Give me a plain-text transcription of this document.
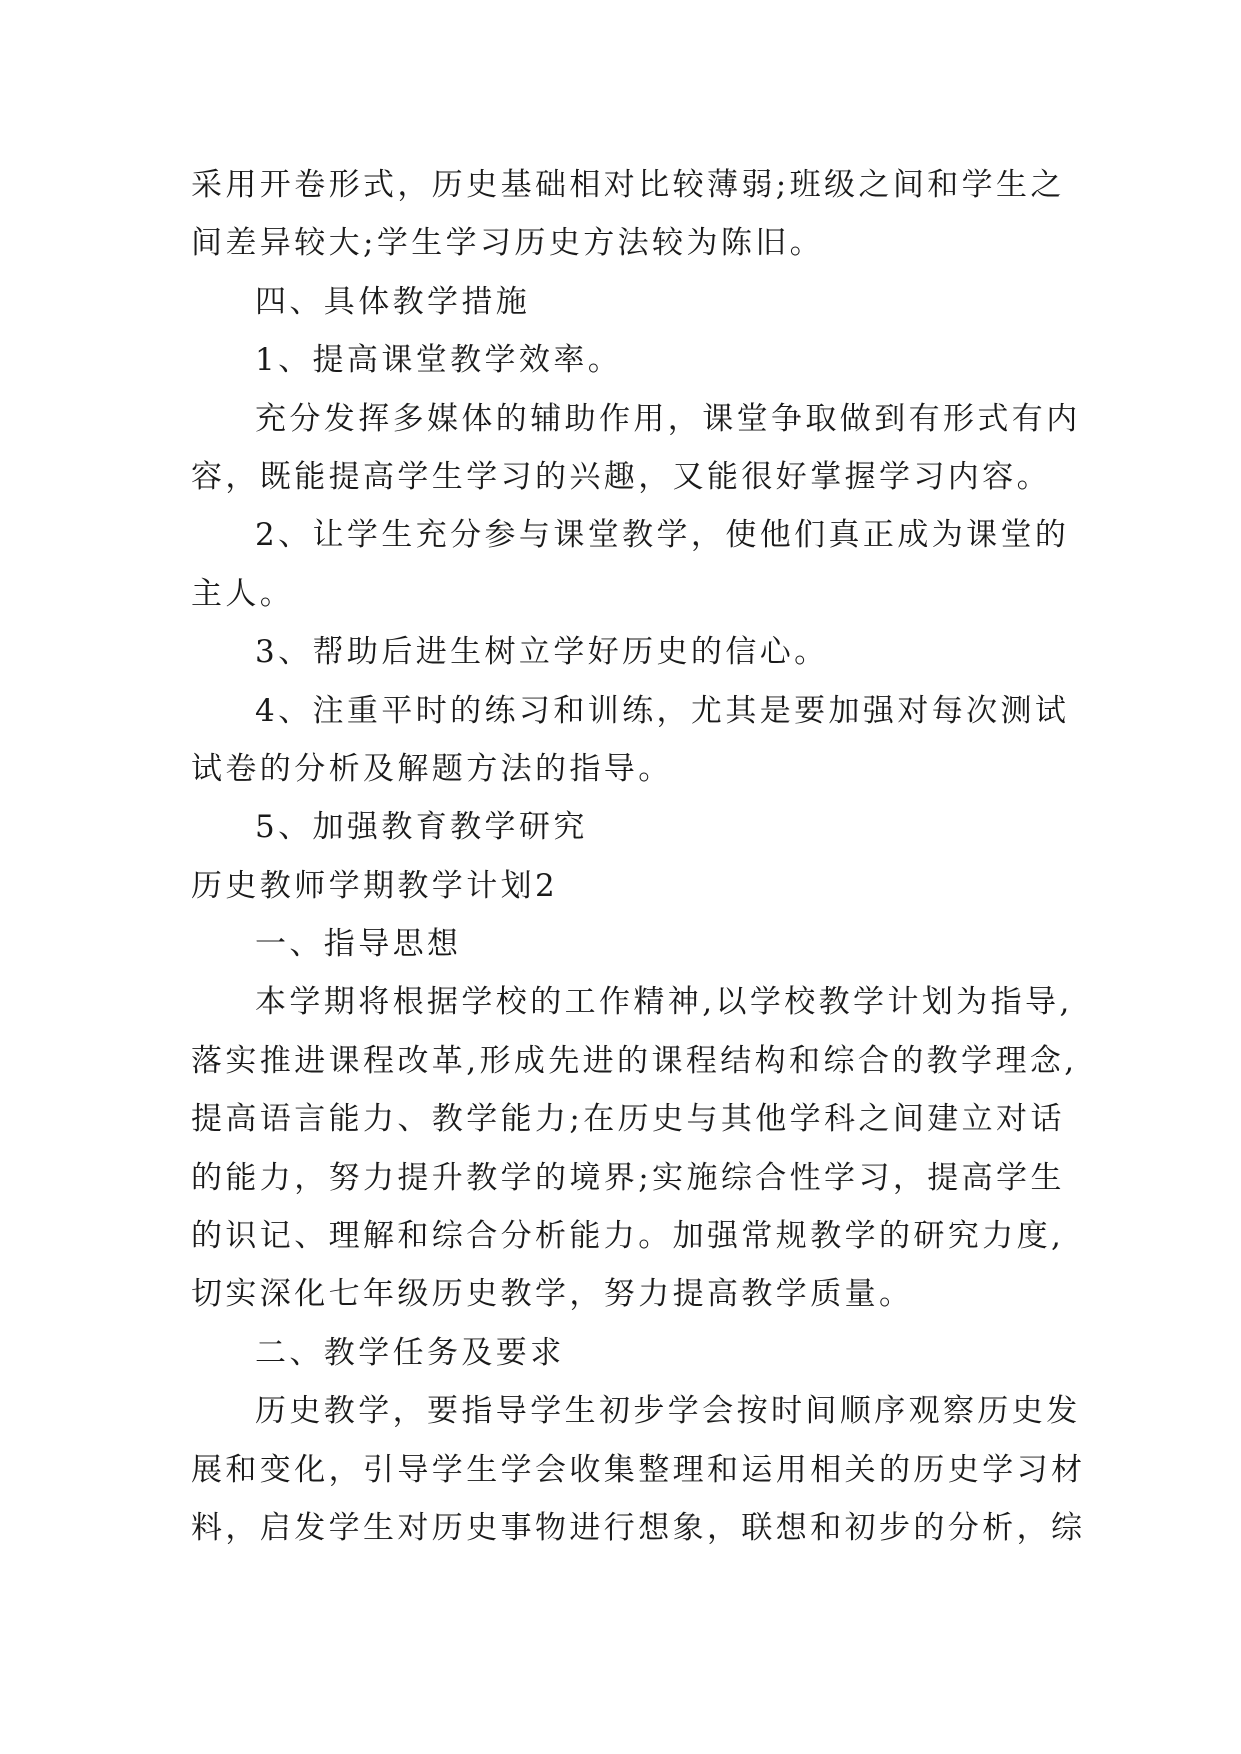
采用开卷形式，历史基础相对比较薄弱;班级之间和学生之

间差异较大;学生学习历史方法较为陈旧。

四、具体教学措施

1、提高课堂教学效率。

充分发挥多媒体的辅助作用，课堂争取做到有形式有内

容，既能提高学生学习的兴趣，又能很好掌握学习内容。

2、让学生充分参与课堂教学，使他们真正成为课堂的

主人。

3、帮助后进生树立学好历史的信心。

4、注重平时的练习和训练，尤其是要加强对每次测试

试卷的分析及解题方法的指导。

5、加强教育教学研究

历史教师学期教学计划2

一、指导思想

本学期将根据学校的工作精神,以学校教学计划为指导,

落实推进课程改革,形成先进的课程结构和综合的教学理念,

提高语言能力、教学能力;在历史与其他学科之间建立对话

的能力，努力提升教学的境界;实施综合性学习，提高学生

的识记、理解和综合分析能力。加强常规教学的研究力度,

切实深化七年级历史教学，努力提高教学质量。

二、教学任务及要求

历史教学，要指导学生初步学会按时间顺序观察历史发

展和变化，引导学生学会收集整理和运用相关的历史学习材

料，启发学生对历史事物进行想象，联想和初步的分析，综
